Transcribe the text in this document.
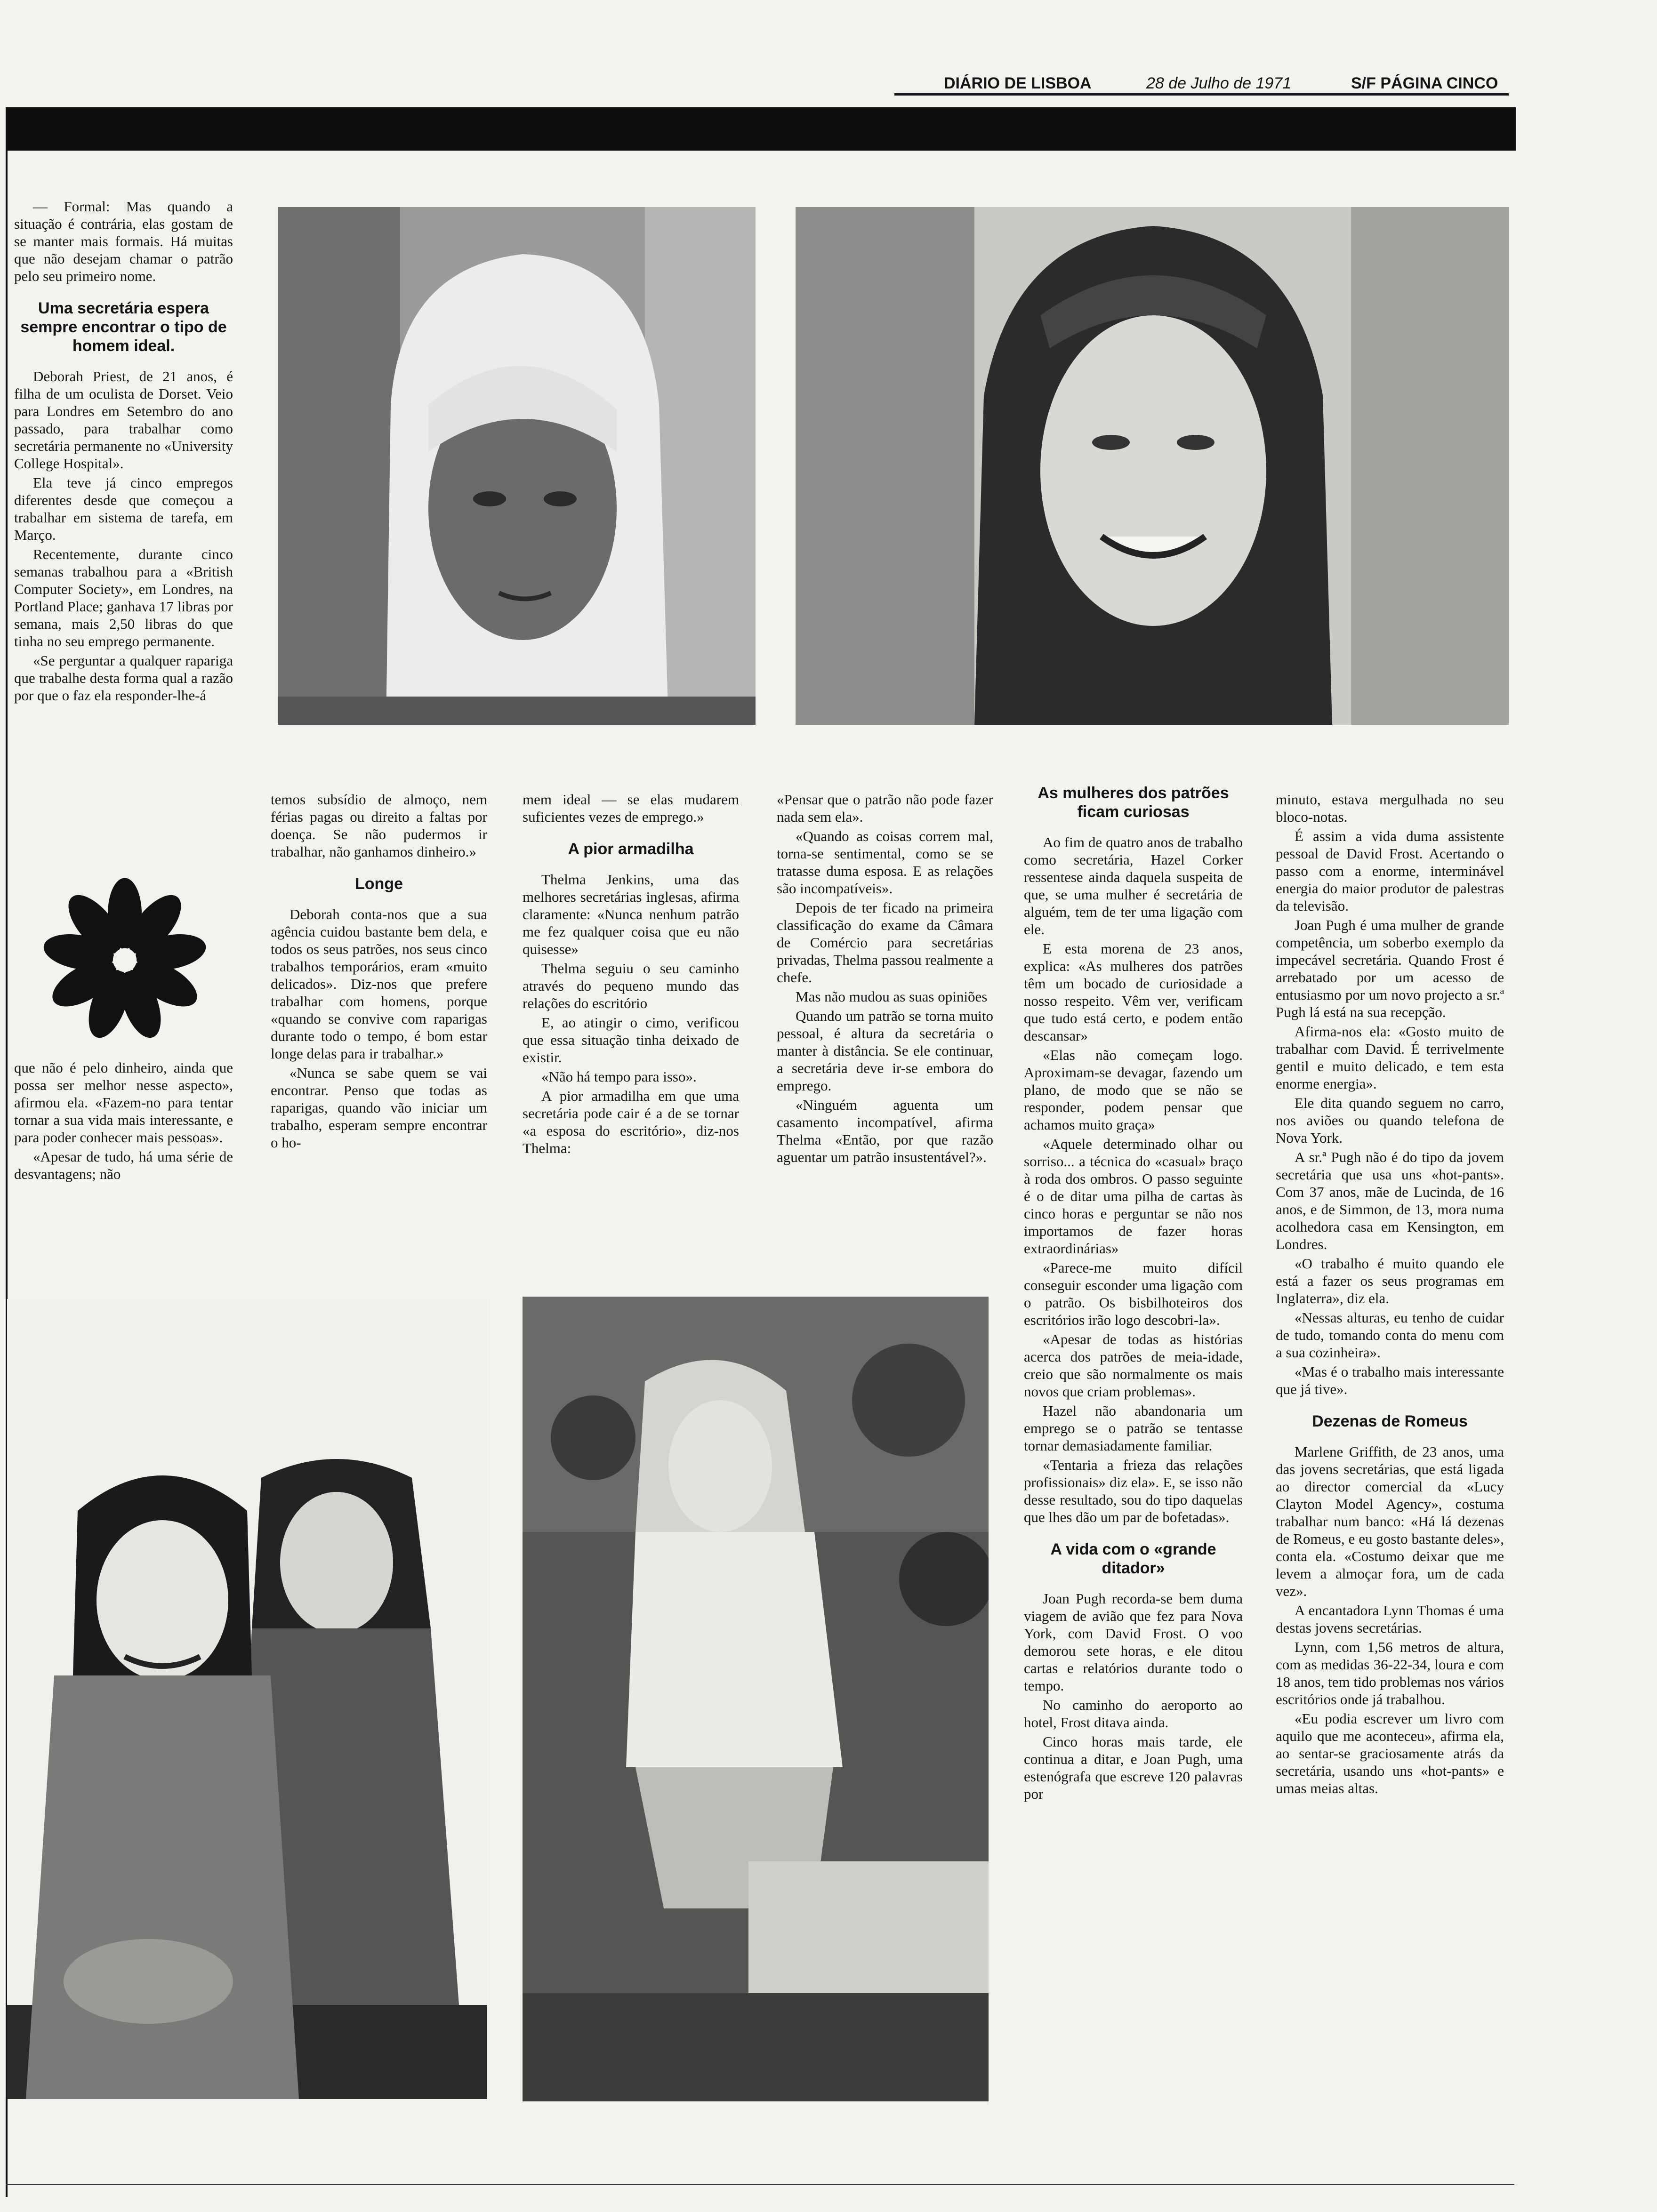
DIÁRIO DE LISBOA	28 de Julho de 1971	S/F PÁGINA CINCO

— Formal: Mas quando a situação é contrária, elas gostam de se manter mais formais. Há muitas que não desejam chamar o patrão pelo seu primeiro nome.

Uma secretária espera sempre encontrar o tipo de homem ideal.

Deborah Priest, de 21 anos, é filha de um oculista de Dorset. Veio para Londres em Setembro do ano passado, para trabalhar como secretária permanente no «University College Hospital».

Ela teve já cinco empregos diferentes desde que começou a trabalhar em sistema de tarefa, em Março.

Recentemente, durante cinco semanas trabalhou para a «British Computer Society», em Londres, na Portland Place; ganhava 17 libras por semana, mais 2,50 libras do que tinha no seu emprego permanente.

«Se perguntar a qualquer rapariga que trabalhe desta forma qual a razão por que o faz ela responder-lhe-á

que não é pelo dinheiro, ainda que possa ser melhor nesse aspecto», afirmou ela. «Fazem-no para tentar tornar a sua vida mais interessante, e para poder conhecer mais pessoas».

«Apesar de tudo, há uma série de desvantagens; não

temos subsídio de almoço, nem férias pagas ou direito a faltas por doença. Se não pudermos ir trabalhar, não ganhamos dinheiro.»

Longe

Deborah conta-nos que a sua agência cuidou bastante bem dela, e todos os seus patrões, nos seus cinco trabalhos temporários, eram «muito delicados». Diz-nos que prefere trabalhar com homens, porque «quando se convive com raparigas durante todo o tempo, é bom estar longe delas para ir trabalhar.»

«Nunca se sabe quem se vai encontrar. Penso que todas as raparigas, quando vão iniciar um trabalho, esperam sempre encontrar o ho-

mem ideal — se elas mudarem suficientes vezes de emprego.»

A pior armadilha

Thelma Jenkins, uma das melhores secretárias inglesas, afirma claramente: «Nunca nenhum patrão me fez qualquer coisa que eu não quisesse»

Thelma seguiu o seu caminho através do pequeno mundo das relações do escritório

E, ao atingir o cimo, verificou que essa situação tinha deixado de existir.

«Não há tempo para isso».

A pior armadilha em que uma secretária pode cair é a de se tornar «a esposa do escritório», diz-nos Thelma:

«Pensar que o patrão não pode fazer nada sem ela».

«Quando as coisas correm mal, torna-se sentimental, como se se tratasse duma esposa. E as relações são incompatíveis».

Depois de ter ficado na primeira classificação do exame da Câmara de Comércio para secretárias privadas, Thelma passou realmente a chefe.

Mas não mudou as suas opiniões

Quando um patrão se torna muito pessoal, é altura da secretária o manter à distância. Se ele continuar, a secretária deve ir-se embora do emprego.

«Ninguém aguenta um casamento incompatível, afirma Thelma «Então, por que razão aguentar um patrão insustentável?».

As mulheres dos patrões ficam curiosas

Ao fim de quatro anos de trabalho como secretária, Hazel Corker ressentese ainda daquela suspeita de que, se uma mulher é secretária de alguém, tem de ter uma ligação com ele.

E esta morena de 23 anos, explica: «As mulheres dos patrões têm um bocado de curiosidade a nosso respeito. Vêm ver, verificam que tudo está certo, e podem então descansar»

«Elas não começam logo. Aproximam-se devagar, fazendo um plano, de modo que se não se responder, podem pensar que achamos muito graça»

«Aquele determinado olhar ou sorriso... a técnica do «casual» braço à roda dos ombros. O passo seguinte é o de ditar uma pilha de cartas às cinco horas e perguntar se não nos importamos de fazer horas extraordinárias»

«Parece-me muito difícil conseguir esconder uma ligação com o patrão. Os bisbilhoteiros dos escritórios irão logo descobri-la».

«Apesar de todas as histórias acerca dos patrões de meia-idade, creio que são normalmente os mais novos que criam problemas».

Hazel não abandonaria um emprego se o patrão se tentasse tornar demasiadamente familiar.

«Tentaria a frieza das relações profissionais» diz ela». E, se isso não desse resultado, sou do tipo daquelas que lhes dão um par de bofetadas».

A vida com o «grande ditador»

Joan Pugh recorda-se bem duma viagem de avião que fez para Nova York, com David Frost. O voo demorou sete horas, e ele ditou cartas e relatórios durante todo o tempo.

No caminho do aeroporto ao hotel, Frost ditava ainda.

Cinco horas mais tarde, ele continua a ditar, e Joan Pugh, uma estenógrafa que escreve 120 palavras por

minuto, estava mergulhada no seu bloco-notas.

É assim a vida duma assistente pessoal de David Frost. Acertando o passo com a enorme, interminável energia do maior produtor de palestras da televisão.

Joan Pugh é uma mulher de grande competência, um soberbo exemplo da impecável secretária. Quando Frost é arrebatado por um acesso de entusiasmo por um novo projecto a sr.ª Pugh lá está na sua recepção.

Afirma-nos ela: «Gosto muito de trabalhar com David. É terrivelmente gentil e muito delicado, e tem esta enorme energia».

Ele dita quando seguem no carro, nos aviões ou quando telefona de Nova York.

A sr.ª Pugh não é do tipo da jovem secretária que usa uns «hot-pants». Com 37 anos, mãe de Lucinda, de 16 anos, e de Simmon, de 13, mora numa acolhedora casa em Kensington, em Londres.

«O trabalho é muito quando ele está a fazer os seus programas em Inglaterra», diz ela.

«Nessas alturas, eu tenho de cuidar de tudo, tomando conta do menu com a sua cozinheira».

«Mas é o trabalho mais interessante que já tive».

Dezenas de Romeus

Marlene Griffith, de 23 anos, uma das jovens secretárias, que está ligada ao director comercial da «Lucy Clayton Model Agency», costuma trabalhar num banco: «Há lá dezenas de Romeus, e eu gosto bastante deles», conta ela. «Costumo deixar que me levem a almoçar fora, um de cada vez».

A encantadora Lynn Thomas é uma destas jovens secretárias.

Lynn, com 1,56 metros de altura, com as medidas 36-22-34, loura e com 18 anos, tem tido problemas nos vários escritórios onde já trabalhou.

«Eu podia escrever um livro com aquilo que me aconteceu», afirma ela, ao sentar-se graciosamente atrás da secretária, usando uns «hot-pants» e umas meias altas.
